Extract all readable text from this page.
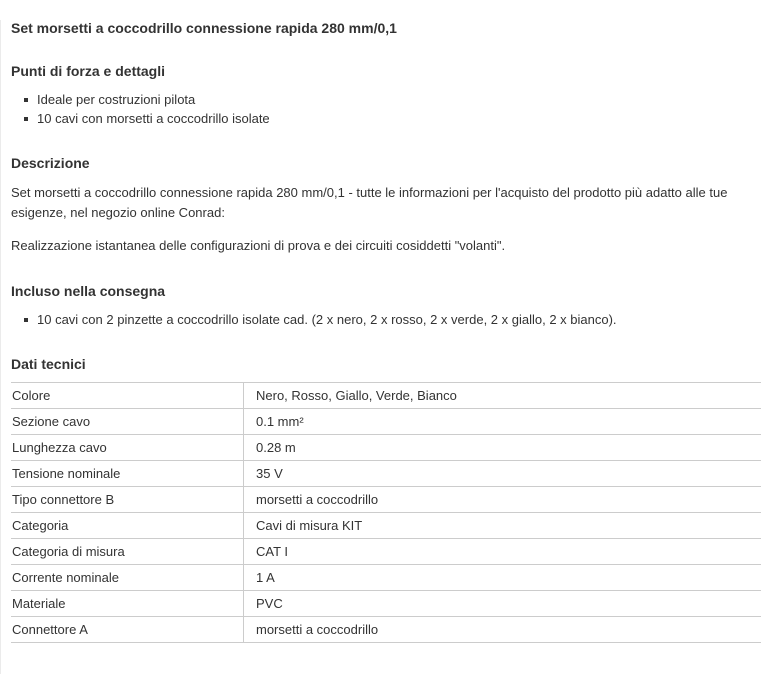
Set morsetti a coccodrillo connessione rapida 280 mm/0,1
Punti di forza e dettagli
Ideale per costruzioni pilota
10 cavi con morsetti a coccodrillo isolate
Descrizione

Set morsetti a coccodrillo connessione rapida 280 mm/0,1 - tutte le informazioni per l'acquisto del prodotto più adatto alle tue esigenze, nel negozio online Conrad:

Realizzazione istantanea delle configurazioni di prova e dei circuiti cosiddetti "volanti".

Incluso nella consegna
10 cavi con 2 pinzette a coccodrillo isolate cad. (2 x nero, 2 x rosso, 2 x verde, 2 x giallo, 2 x bianco).
Dati tecnici
Colore	Nero, Rosso, Giallo, Verde, Bianco
Sezione cavo	0.1 mm²
Lunghezza cavo	0.28 m
Tensione nominale	35 V
Tipo connettore B	morsetti a coccodrillo
Categoria	Cavi di misura KIT
Categoria di misura	CAT I
Corrente nominale	1 A
Materiale	PVC
Connettore A	morsetti a coccodrillo
